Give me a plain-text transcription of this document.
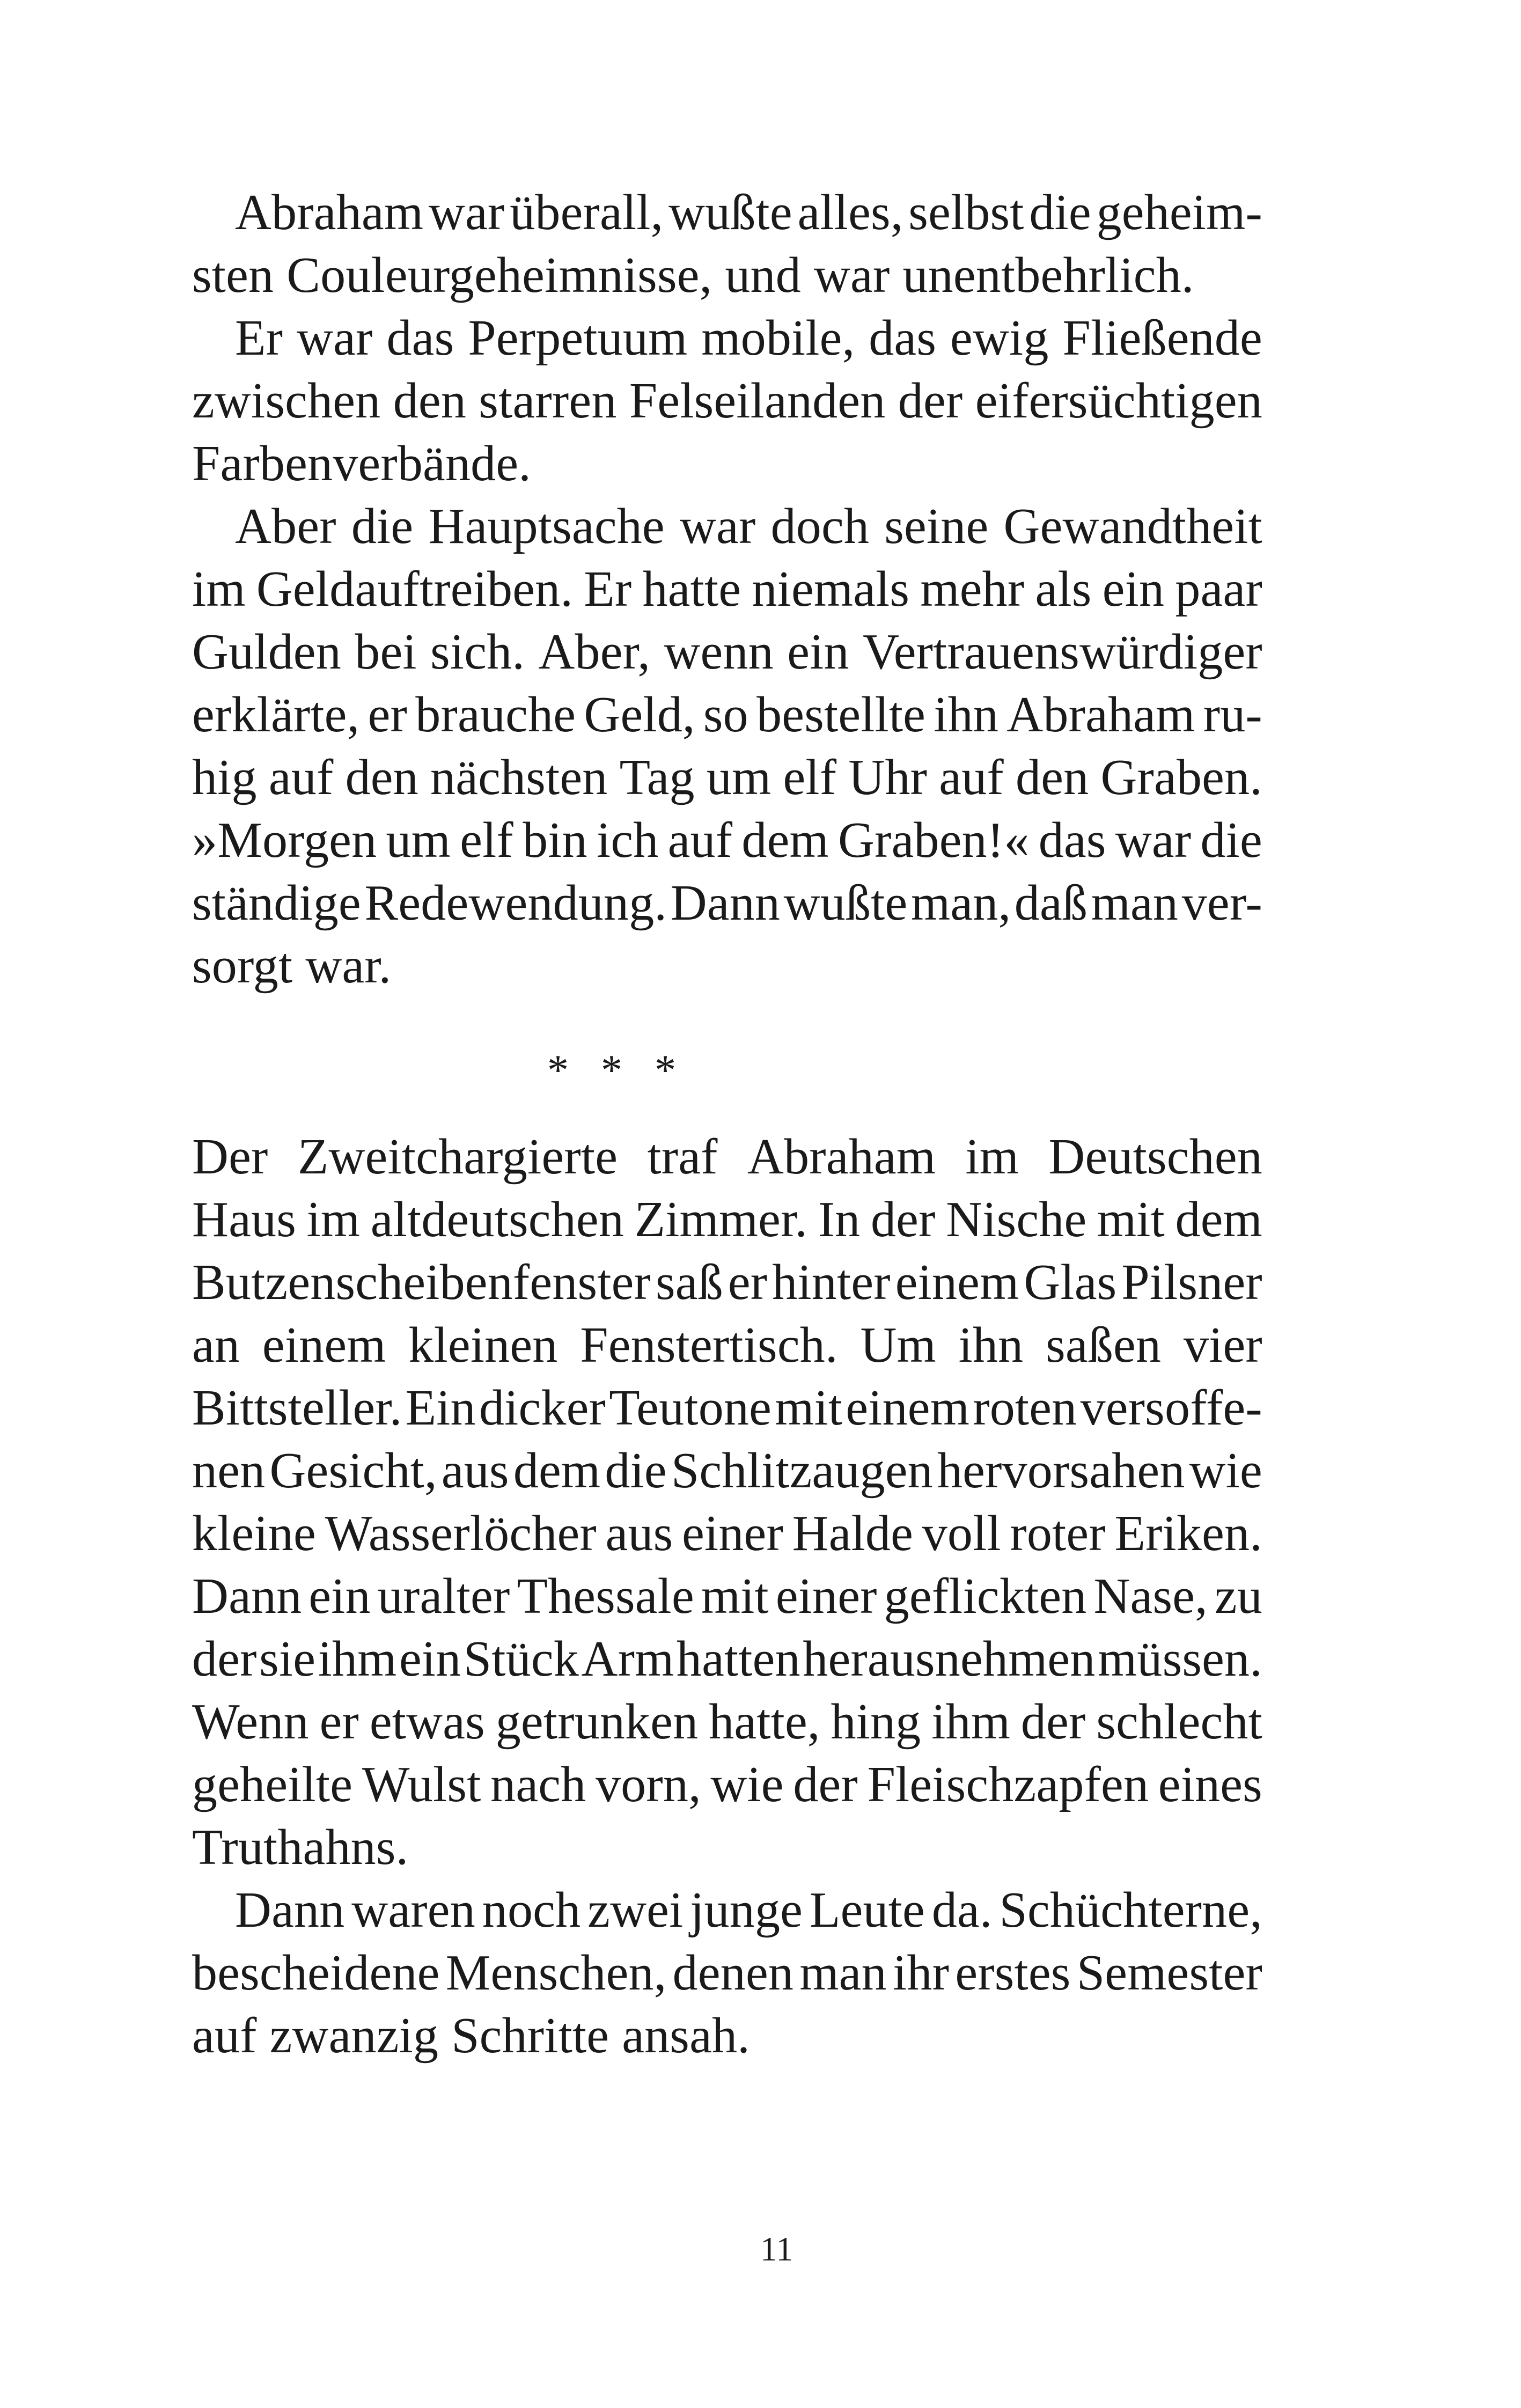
Abraham war überall, wußte alles, selbst die geheim-
sten Couleurgeheimnisse, und war unentbehrlich.
Er war das Perpetuum mobile, das ewig Fließende
zwischen den starren Felseilanden der eifersüchtigen
Farbenverbände.
Aber die Hauptsache war doch seine Gewandtheit
im Geldauftreiben. Er hatte niemals mehr als ein paar
Gulden bei sich. Aber, wenn ein Vertrauenswürdiger
erklärte, er brauche Geld, so bestellte ihn Abraham ru-
hig auf den nächsten Tag um elf Uhr auf den Graben.
»Morgen um elf bin ich auf dem Graben!« das war die
ständige Redewendung. Dann wußte man, daß man ver-
sorgt war.
* * *
Der Zweitchargierte traf Abraham im Deutschen
Haus im altdeutschen Zimmer. In der Nische mit dem
Butzenscheibenfenster saß er hinter einem Glas Pilsner
an einem kleinen Fenstertisch. Um ihn saßen vier
Bittsteller. Ein dicker Teutone mit einem roten versoffe-
nen Gesicht, aus dem die Schlitzaugen hervorsahen wie
kleine Wasserlöcher aus einer Halde voll roter Eriken.
Dann ein uralter Thessale mit einer geflickten Nase, zu
der sie ihm ein Stück Arm hatten herausnehmen müssen.
Wenn er etwas getrunken hatte, hing ihm der schlecht
geheilte Wulst nach vorn, wie der Fleischzapfen eines
Truthahns.
Dann waren noch zwei junge Leute da. Schüchterne,
bescheidene Menschen, denen man ihr erstes Semester
auf zwanzig Schritte ansah.
11
